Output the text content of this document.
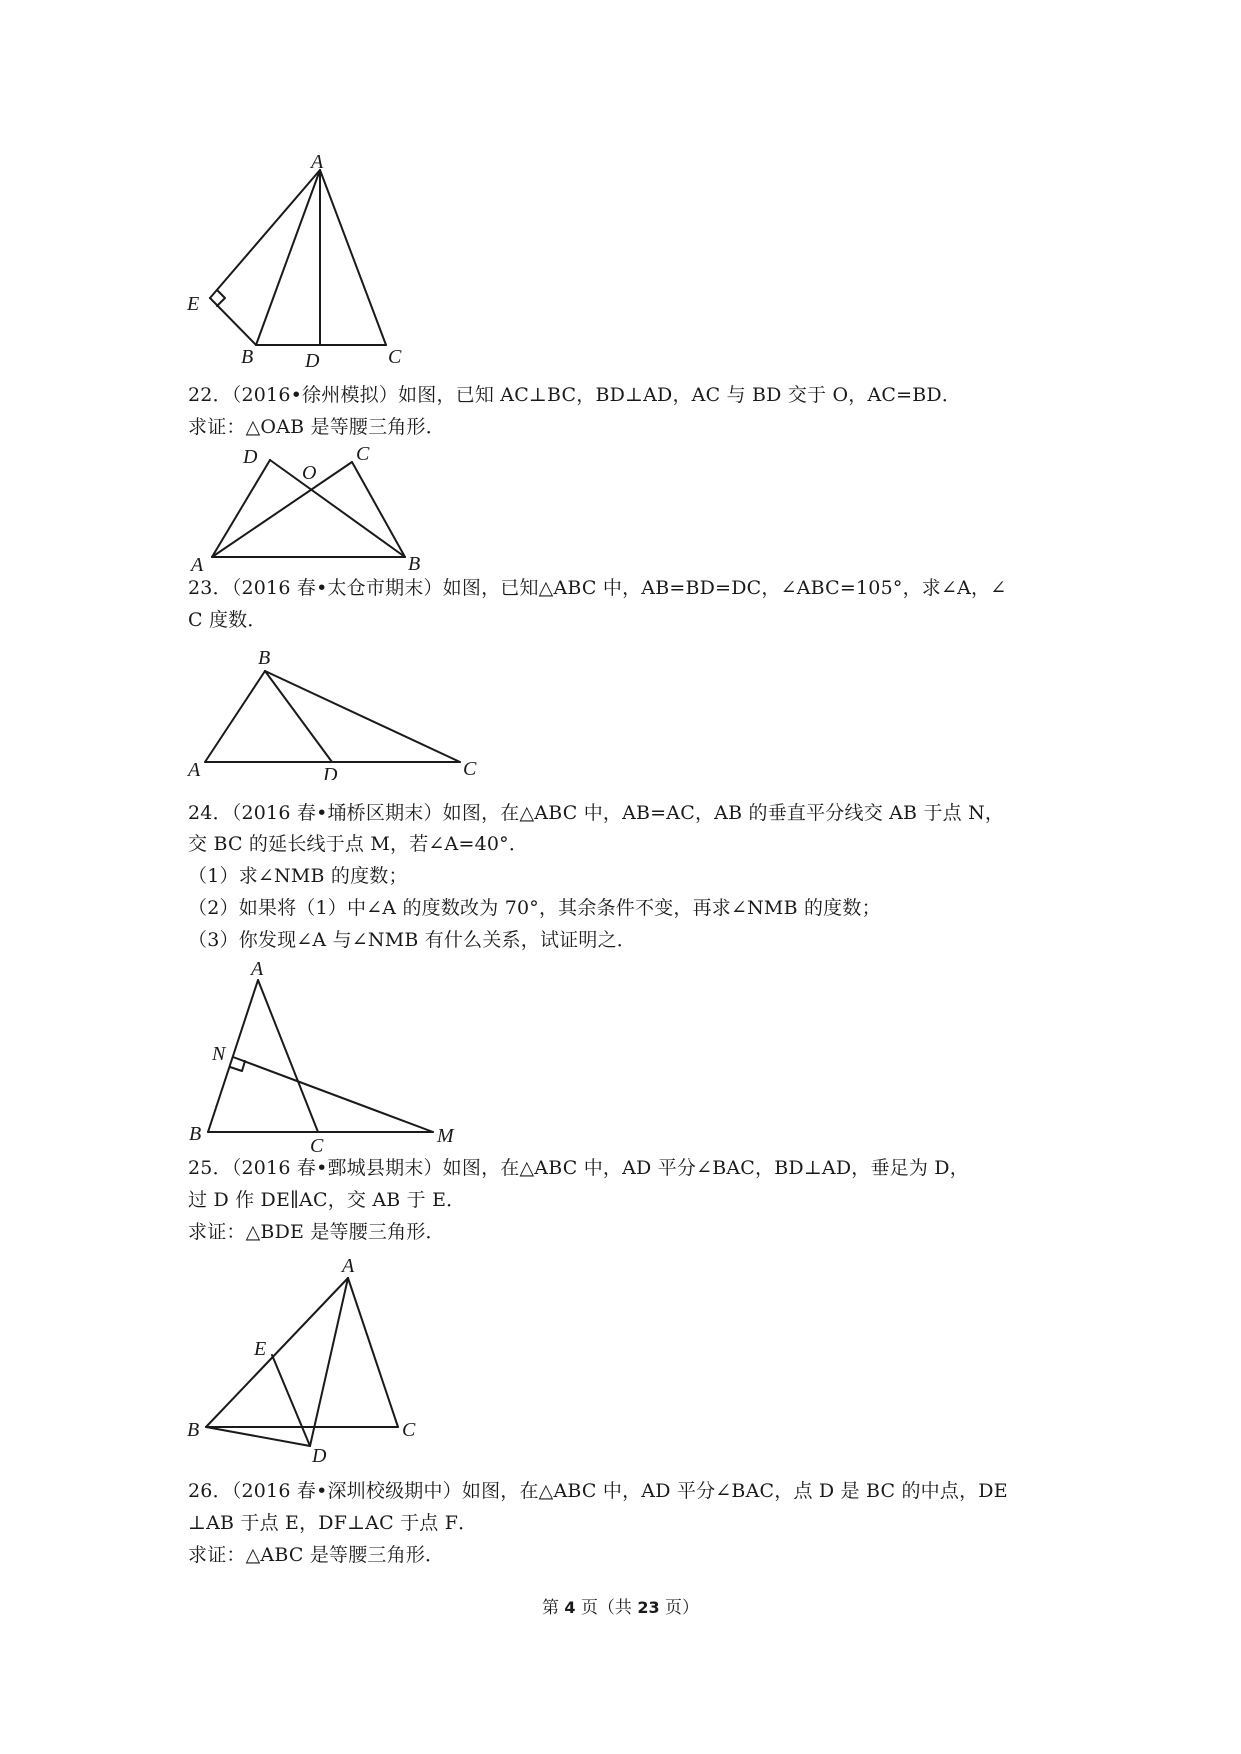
A
E
B	D	C
22．（2016•徐州模拟）如图，已知 AC⊥BC，BD⊥AD，AC 与 BD 交于 O，AC=BD．
求证：△OAB 是等腰三角形．
D
O
C
A	B
23．（2016 春•太仓市期末）如图，已知△ABC 中，AB=BD=DC，∠ABC=105°，求∠A，∠
C 度数．
B
A	D	C
24．（2016 春•埇桥区期末）如图，在△ABC 中，AB=AC，AB 的垂直平分线交 AB 于点 N，
交 BC 的延长线于点 M，若∠A=40°．
（1）求∠NMB 的度数；
（2）如果将（1）中∠A 的度数改为 70°，其余条件不变，再求∠NMB 的度数；
（3）你发现∠A 与∠NMB 有什么关系，试证明之．
A
N
B
C	M
25．（2016 春•鄄城县期末）如图，在△ABC 中，AD 平分∠BAC，BD⊥AD，垂足为 D，
过 D 作 DE∥AC，交 AB 于 E．
求证：△BDE 是等腰三角形．
A
E
B	C
D
26．（2016 春•深圳校级期中）如图，在△ABC 中，AD 平分∠BAC，点 D 是 BC 的中点，DE
⊥AB 于点 E，DF⊥AC 于点 F．
求证：△ABC 是等腰三角形．
第 4 页（共 23 页）
